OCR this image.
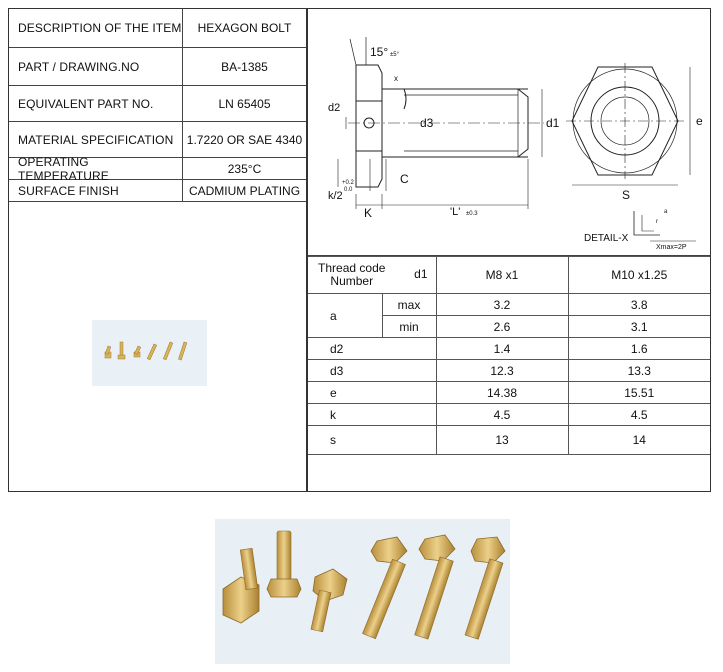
DESCRIPTION OF THE ITEM	HEXAGON BOLT
PART / DRAWING.NO	BA-1385
EQUIVALENT PART NO.	LN 65405
MATERIAL SPECIFICATION	1.7220 OR SAE 4340
OPERATING TEMPERATURE	235°C
SURFACE FINISH	CADMIUM PLATING
15° ±5°
x
d2
d3	d1	e
S
C
+0.2
0.0
k/2
K	'L' ±0.3
DETAIL-X
a
r
Xmax=2P
Thread code
Number d1		M8 x1	M10 x1.25
a	max	3.2	3.8
	min	2.6	3.1
d2		1.4	1.6
d3		12.3	13.3
e		14.38	15.51
k		4.5	4.5
s		13	14
